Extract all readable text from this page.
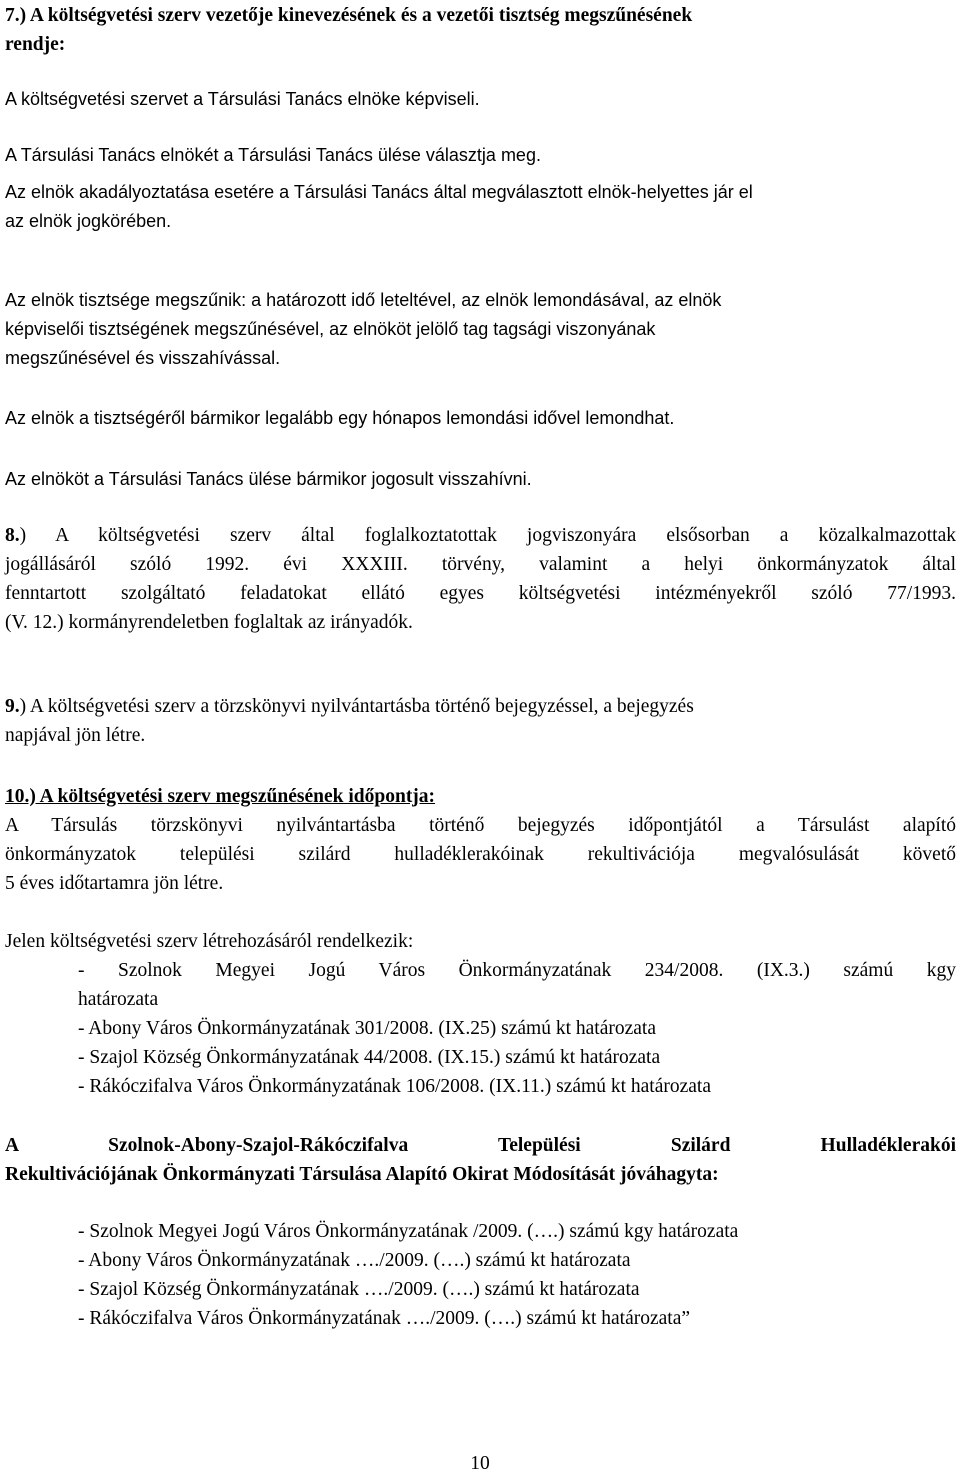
7.) A költségvetési szerv vezetője kinevezésének és a vezetői tisztség megszűnésének
rendje:
A költségvetési szervet a Társulási Tanács elnöke képviseli.
A Társulási Tanács elnökét a Társulási Tanács ülése választja meg.
Az elnök akadályoztatása esetére a Társulási Tanács által megválasztott elnök-helyettes jár el
az elnök jogkörében.
Az elnök tisztsége megszűnik: a határozott idő leteltével, az elnök lemondásával, az elnök
képviselői tisztségének megszűnésével, az elnököt jelölő tag tagsági viszonyának
megszűnésével és visszahívással.
Az elnök a tisztségéről bármikor legalább egy hónapos lemondási idővel lemondhat.
Az elnököt a Társulási Tanács ülése bármikor jogosult visszahívni.
8.) A költségvetési szerv által foglalkoztatottak jogviszonyára elsősorban a közalkalmazottak
jogállásáról szóló 1992. évi XXXIII. törvény, valamint a helyi önkormányzatok által
fenntartott szolgáltató feladatokat ellátó egyes költségvetési intézményekről szóló 77/1993.
(V. 12.) kormányrendeletben foglaltak az irányadók.
9.) A költségvetési szerv a törzskönyvi nyilvántartásba történő bejegyzéssel, a bejegyzés
napjával jön létre.
10.) A költségvetési szerv megszűnésének időpontja:
A Társulás törzskönyvi nyilvántartásba történő bejegyzés időpontjától a Társulást alapító
önkormányzatok települési szilárd hulladéklerakóinak rekultivációja megvalósulását követő
5 éves időtartamra jön létre.
Jelen költségvetési szerv létrehozásáról rendelkezik:
- Szolnok Megyei Jogú Város Önkormányzatának 234/2008. (IX.3.) számú kgy
határozata
- Abony Város Önkormányzatának 301/2008. (IX.25) számú kt határozata
- Szajol Község Önkormányzatának 44/2008. (IX.15.) számú kt határozata
- Rákóczifalva Város Önkormányzatának 106/2008. (IX.11.) számú kt határozata
A Szolnok-Abony-Szajol-Rákóczifalva Települési Szilárd Hulladéklerakói
Rekultivációjának Önkormányzati Társulása Alapító Okirat Módosítását jóváhagyta:
- Szolnok Megyei Jogú Város Önkormányzatának /2009. (….) számú kgy határozata
- Abony Város Önkormányzatának …./2009. (….) számú kt határozata
- Szajol Község Önkormányzatának …./2009. (….) számú kt határozata
- Rákóczifalva Város Önkormányzatának …./2009. (….) számú kt határozata”
10
